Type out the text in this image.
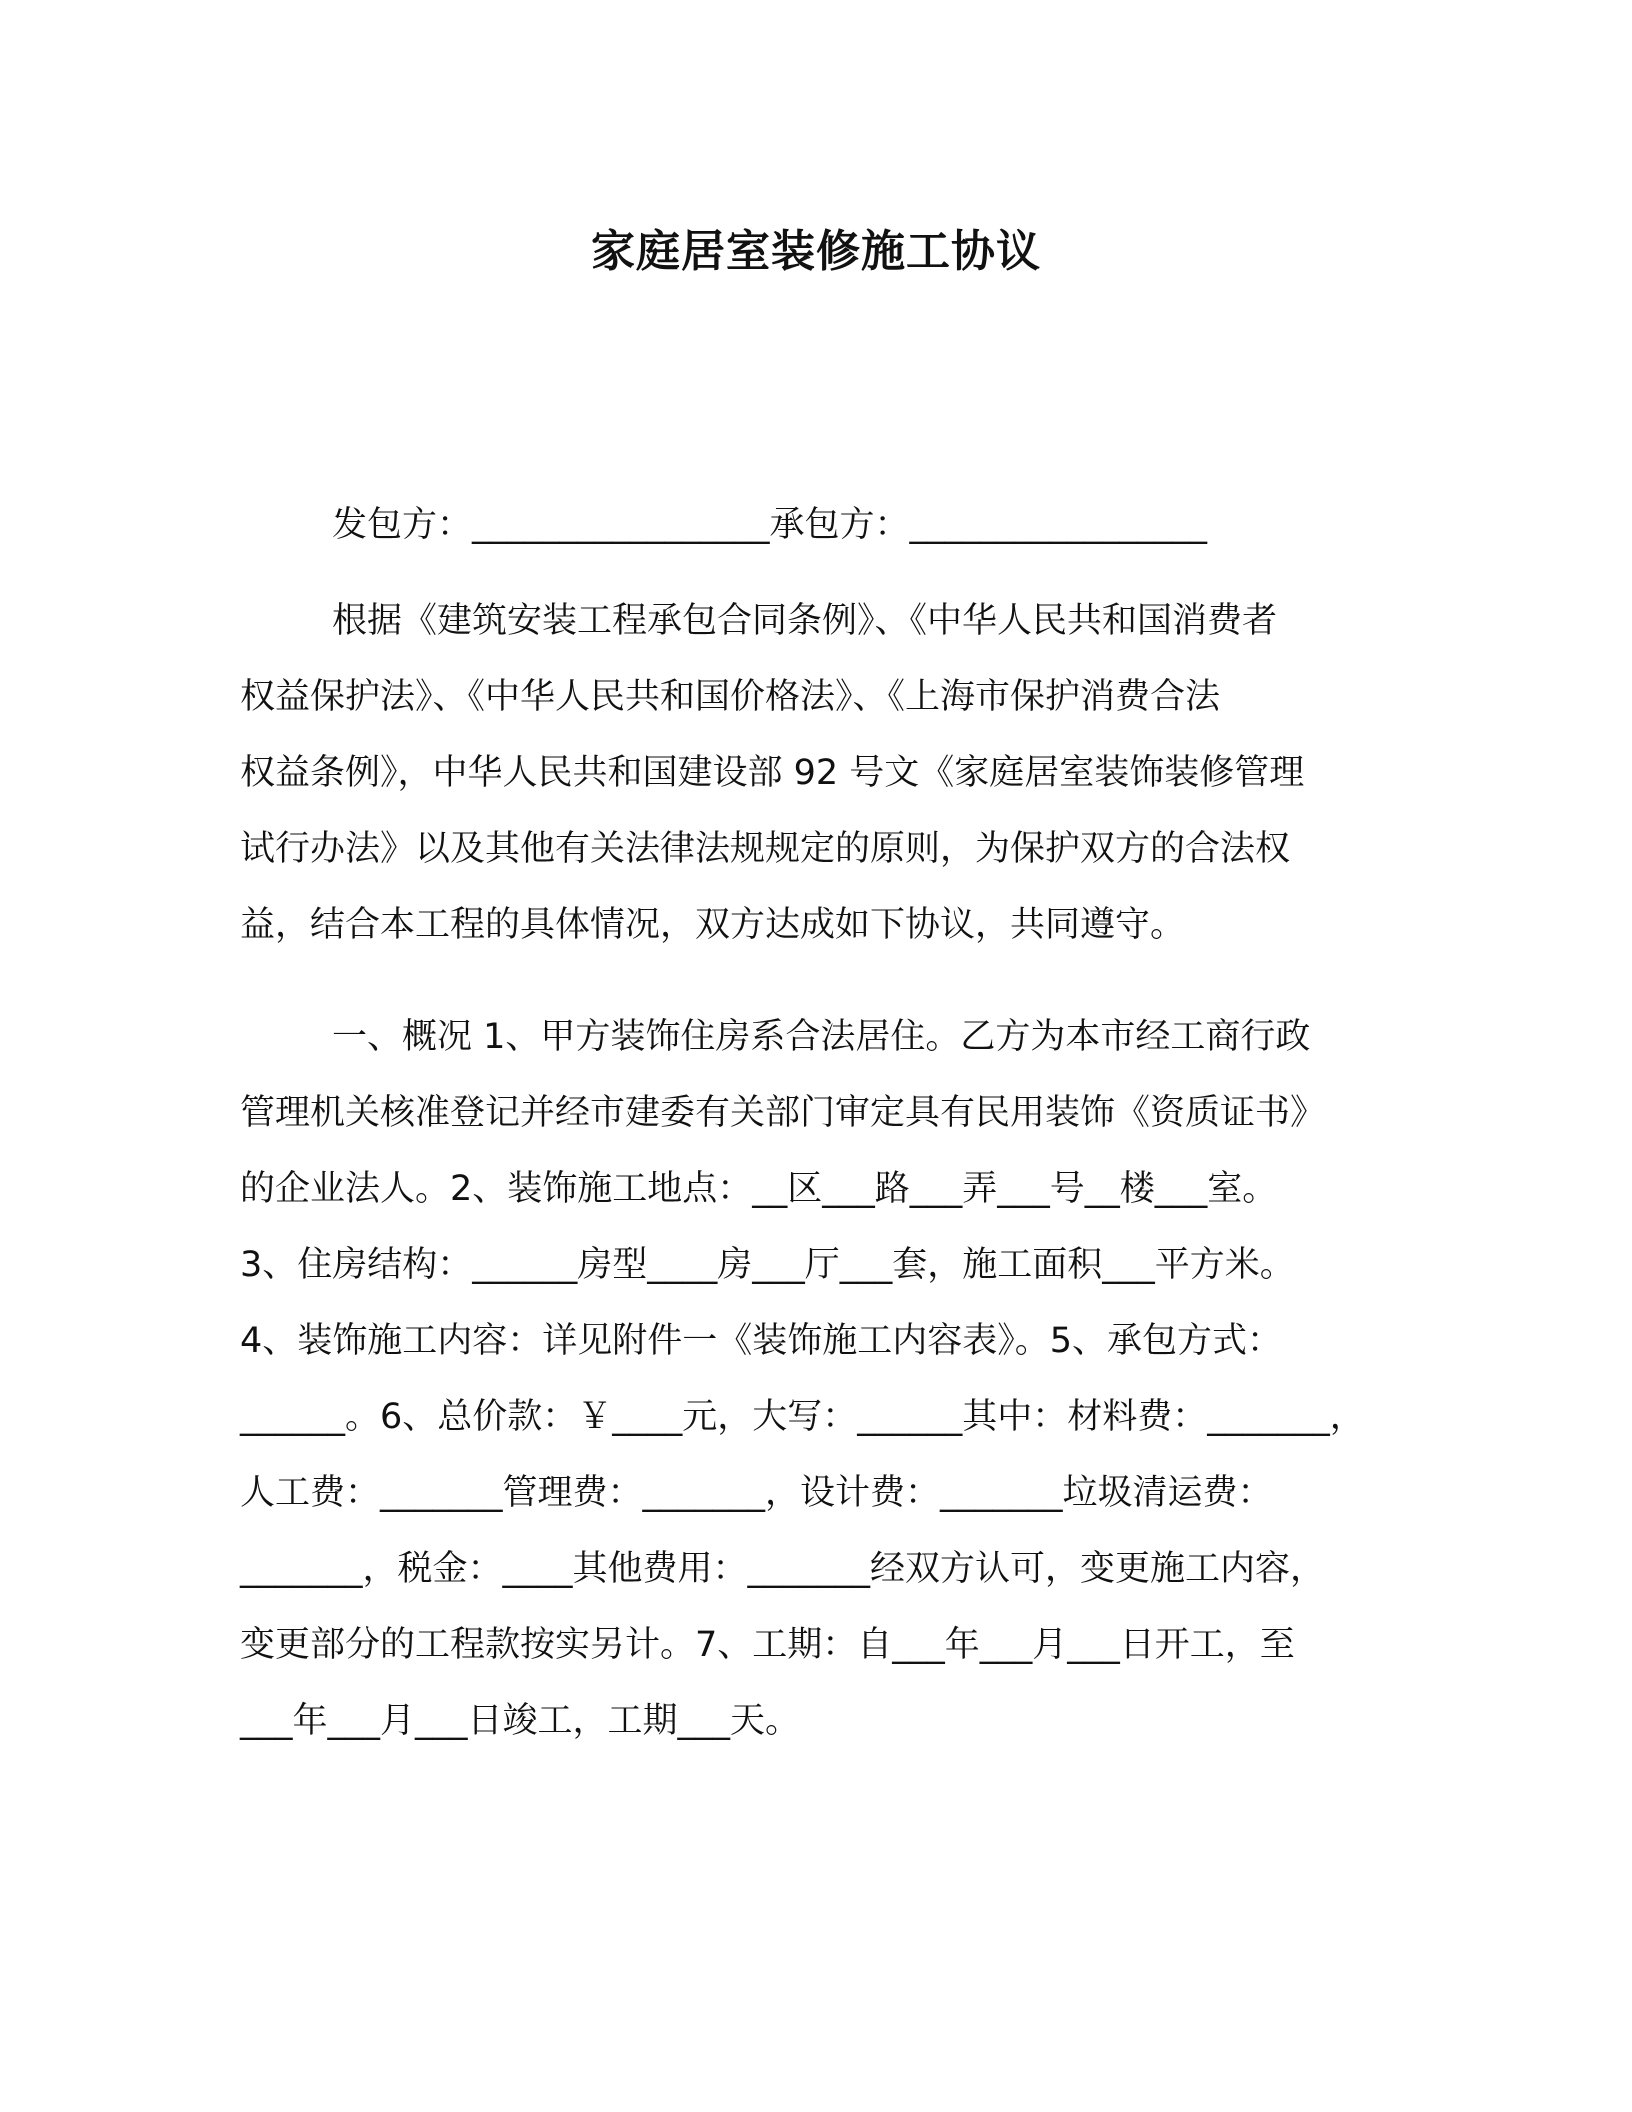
家庭居室装修施工协议
发包方：_________________承包方：_________________
根据《建筑安装工程承包合同条例》、《中华人民共和国消费者
权益保护法》、《中华人民共和国价格法》、《上海市保护消费合法
权益条例》，中华人民共和国建设部 92 号文《家庭居室装饰装修管理
试行办法》以及其他有关法律法规规定的原则，为保护双方的合法权
益，结合本工程的具体情况，双方达成如下协议，共同遵守。
一、概况 1、甲方装饰住房系合法居住。乙方为本市经工商行政
管理机关核准登记并经市建委有关部门审定具有民用装饰《资质证书》
的企业法人。2、装饰施工地点：__区___路___弄___号__楼___室。
3、住房结构：______房型____房___厅___套，施工面积___平方米。
4、装饰施工内容：详见附件一《装饰施工内容表》。5、承包方式：
______。6、总价款：￥____元，大写：______其中：材料费：_______，
人工费：_______管理费：_______，设计费：_______垃圾清运费：
_______，税金：____其他费用：_______经双方认可，变更施工内容，
变更部分的工程款按实另计。7、工期：自___年___月___日开工，至
___年___月___日竣工，工期___天。
